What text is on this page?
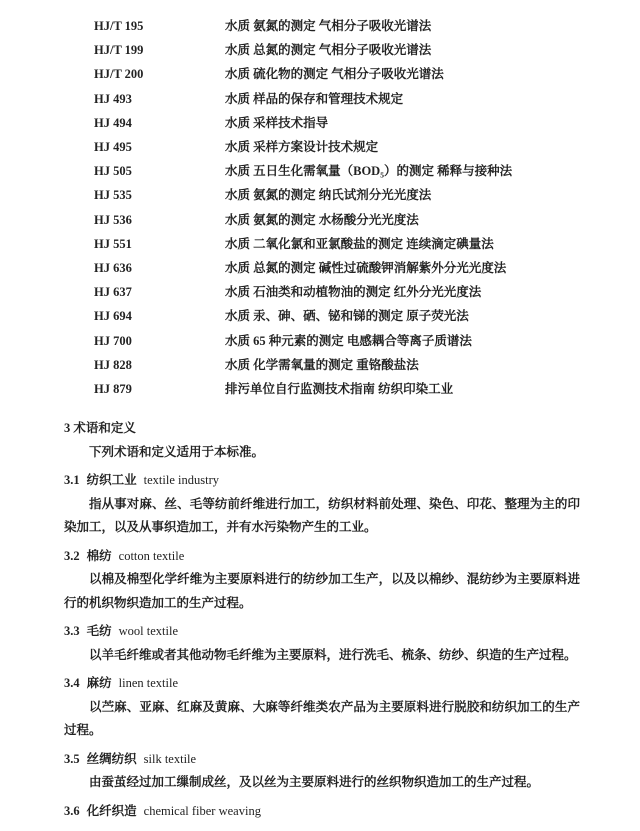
HJ/T 195	水质 氨氮的测定 气相分子吸收光谱法
HJ/T 199	水质 总氮的测定 气相分子吸收光谱法
HJ/T 200	水质 硫化物的测定 气相分子吸收光谱法
HJ 493	水质 样品的保存和管理技术规定
HJ 494	水质 采样技术指导
HJ 495	水质 采样方案设计技术规定
HJ 505	水质 五日生化需氧量（BOD₅）的测定 稀释与接种法
HJ 535	水质 氨氮的测定 纳氏试剂分光光度法
HJ 536	水质 氨氮的测定 水杨酸分光光度法
HJ 551	水质 二氧化氯和亚氯酸盐的测定 连续滴定碘量法
HJ 636	水质 总氮的测定 碱性过硫酸钾消解紫外分光光度法
HJ 637	水质 石油类和动植物油的测定 红外分光光度法
HJ 694	水质 汞、砷、硒、铋和锑的测定 原子荧光法
HJ 700	水质 65 种元素的测定 电感耦合等离子质谱法
HJ 828	水质 化学需氧量的测定 重铬酸盐法
HJ 879	排污单位自行监测技术指南 纺织印染工业
3 术语和定义
下列术语和定义适用于本标准。
3.1 纺织工业 textile industry

指从事对麻、丝、毛等纺前纤维进行加工，纺织材料前处理、染色、印花、整理为主的印染加工，以及从事织造加工，并有水污染物产生的工业。

3.2 棉纺 cotton textile

以棉及棉型化学纤维为主要原料进行的纺纱加工生产，以及以棉纱、混纺纱为主要原料进行的机织物织造加工的生产过程。

3.3 毛纺 wool textile

以羊毛纤维或者其他动物毛纤维为主要原料，进行洗毛、梳条、纺纱、织造的生产过程。

3.4 麻纺 linen textile

以苎麻、亚麻、红麻及黄麻、大麻等纤维类农产品为主要原料进行脱胶和纺织加工的生产过程。

3.5 丝绸纺织 silk textile

由蚕茧经过加工缫制成丝，及以丝为主要原料进行的丝织物织造加工的生产过程。

3.6 化纤织造 chemical fiber weaving
